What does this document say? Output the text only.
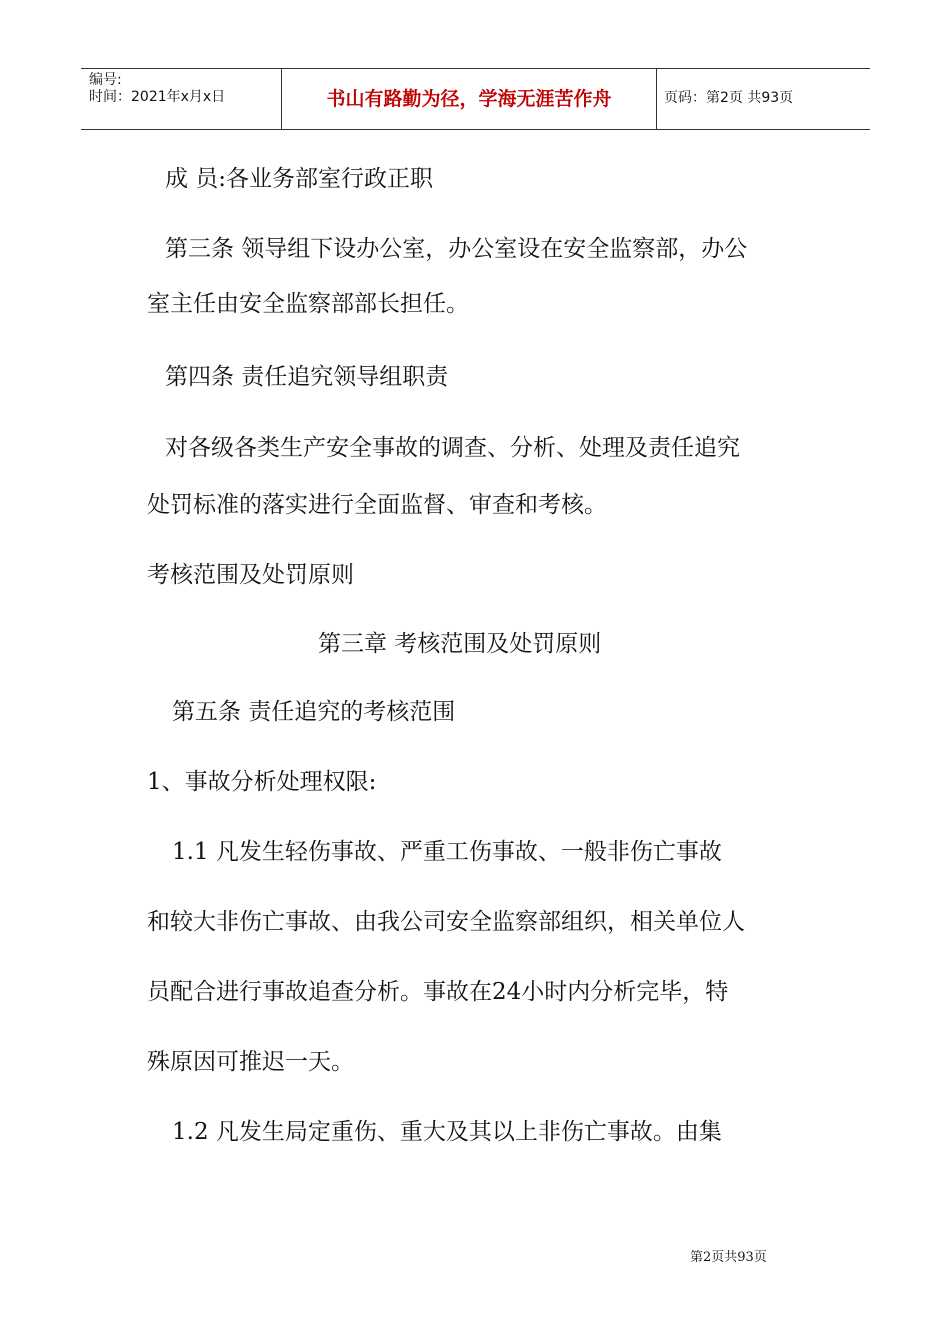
编号:
时间：2021年x月x日	书山有路勤为径，学海无涯苦作舟	页码：第2页 共93页
成 员:各业务部室行政正职
第三条 领导组下设办公室，办公室设在安全监察部，办公
室主任由安全监察部部长担任。
第四条 责任追究领导组职责
对各级各类生产安全事故的调查、分析、处理及责任追究
处罚标准的落实进行全面监督、审查和考核。
考核范围及处罚原则
第三章 考核范围及处罚原则
第五条 责任追究的考核范围
1、事故分析处理权限:
1.1 凡发生轻伤事故、严重工伤事故、一般非伤亡事故
和较大非伤亡事故、由我公司安全监察部组织，相关单位人
员配合进行事故追查分析。事故在24小时内分析完毕，特
殊原因可推迟一天。
1.2 凡发生局定重伤、重大及其以上非伤亡事故。由集
第2页共93页
